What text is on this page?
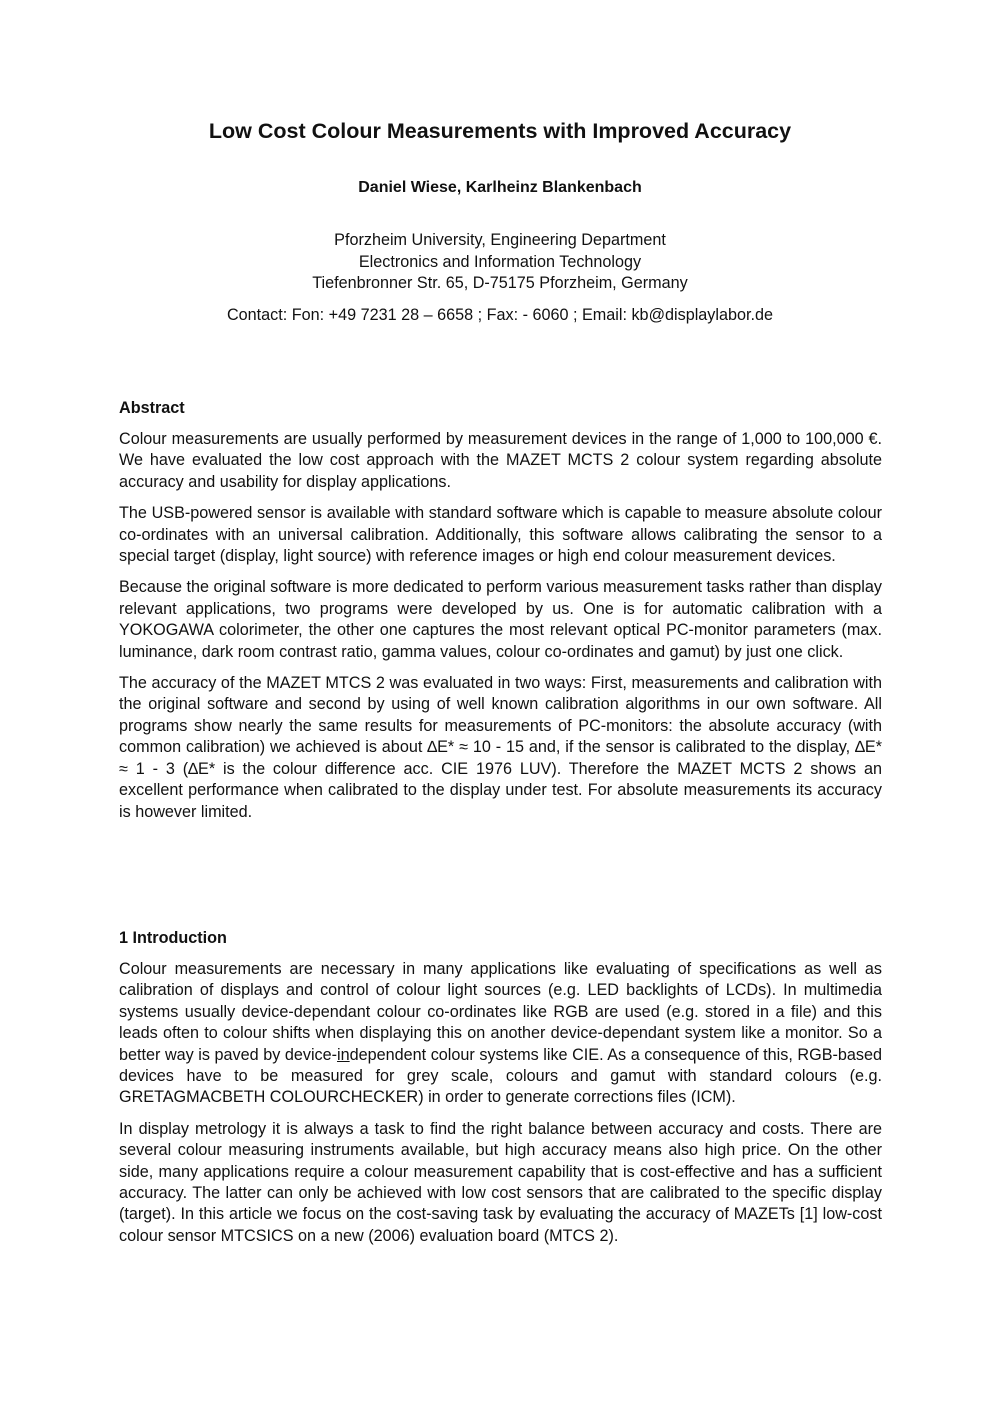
Low Cost Colour Measurements with Improved Accuracy
Daniel Wiese, Karlheinz Blankenbach
Pforzheim University, Engineering Department
Electronics and Information Technology
Tiefenbronner Str. 65, D-75175 Pforzheim, Germany
Contact: Fon: +49 7231 28 – 6658 ; Fax: - 6060 ; Email: kb@displaylabor.de
Abstract

Colour measurements are usually performed by measurement devices in the range of 1,000 to 100,000 €. We have evaluated the low cost approach with the MAZET MCTS 2 colour system regarding absolute accuracy and usability for display applications.

The USB-powered sensor is available with standard software which is capable to measure absolute colour co-ordinates with an universal calibration. Additionally, this software allows calibrating the sensor to a special target (display, light source) with reference images or high end colour measurement devices.

Because the original software is more dedicated to perform various measurement tasks rather than display relevant applications, two programs were developed by us. One is for automatic calibration with a YOKOGAWA colorimeter, the other one captures the most relevant optical PC-monitor parameters (max. luminance, dark room contrast ratio, gamma values, colour co-ordinates and gamut) by just one click.

The accuracy of the MAZET MTCS 2 was evaluated in two ways: First, measurements and calibration with the original software and second by using of well known calibration algorithms in our own software. All programs show nearly the same results for measurements of PC-monitors: the absolute accuracy (with common calibration) we achieved is about ∆E* ≈ 10 - 15 and, if the sensor is calibrated to the display, ∆E* ≈ 1 - 3 (∆E* is the colour difference acc. CIE 1976 LUV). Therefore the MAZET MCTS 2 shows an excellent performance when calibrated to the display under test. For absolute measurements its accuracy is however limited.

1 Introduction

Colour measurements are necessary in many applications like evaluating of specifications as well as calibration of displays and control of colour light sources (e.g. LED backlights of LCDs). In multimedia systems usually device-dependant colour co-ordinates like RGB are used (e.g. stored in a file) and this leads often to colour shifts when displaying this on another device-dependant system like a monitor. So a better way is paved by device-independent colour systems like CIE. As a consequence of this, RGB-based devices have to be measured for grey scale, colours and gamut with standard colours (e.g. GRETAGMACBETH COLOURCHECKER) in order to generate corrections files (ICM).

In display metrology it is always a task to find the right balance between accuracy and costs. There are several colour measuring instruments available, but high accuracy means also high price. On the other side, many applications require a colour measurement capability that is cost-effective and has a sufficient accuracy. The latter can only be achieved with low cost sensors that are calibrated to the specific display (target). In this article we focus on the cost-saving task by evaluating the accuracy of MAZETs [1] low-cost colour sensor MTCSICS on a new (2006) evaluation board (MTCS 2).
